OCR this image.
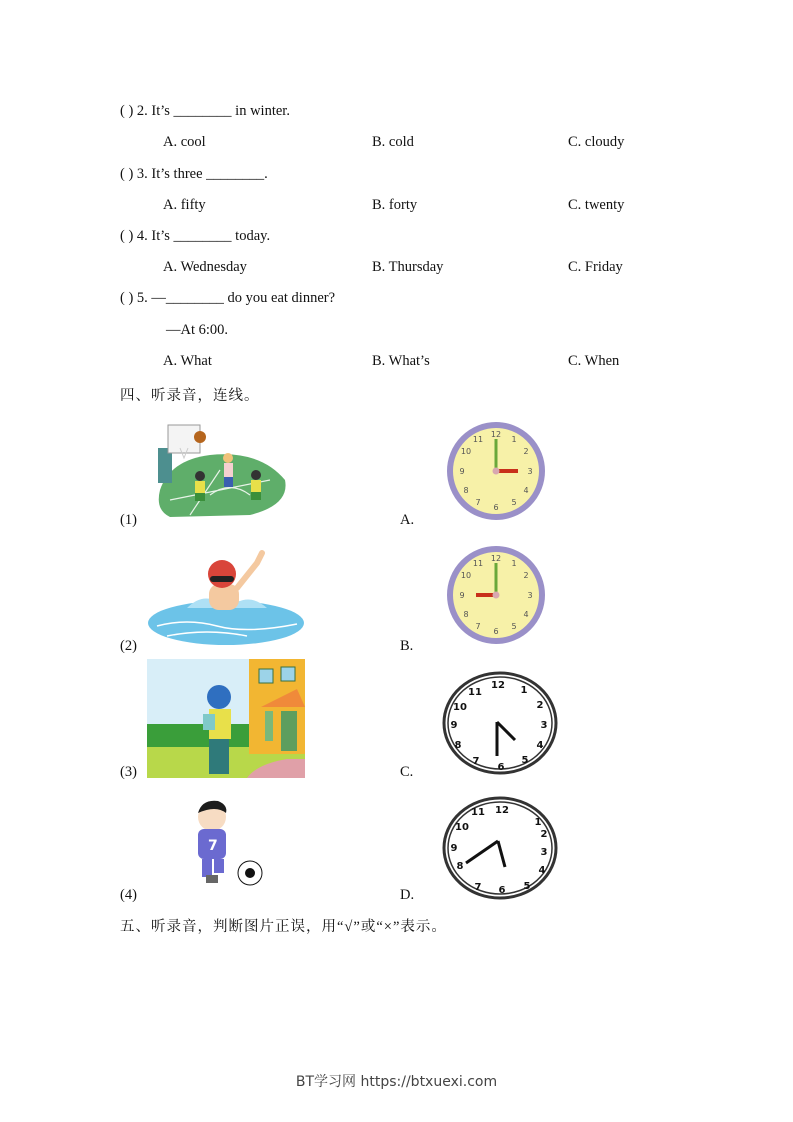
( ) 2. It’s ________ in winter.
A. cool	B. cold	C. cloudy
( ) 3. It’s three ________.
A. fifty	B. forty	C. twenty
( ) 4. It’s ________ today.
A. Wednesday	B. Thursday	C. Friday
( ) 5. —________ do you eat dinner?
—At 6:00.
A. What	B. What’s	C. When
四、听录音，连线。
(1)
(2)
(3)
7
(4)
A.
12
1
2
3
4
5
6
7
8
9
10
11
B.
12
1
2
3
4
5
6
7
8
9
10
11
C.
12 1
2
3
4
5
6
7
8
9
10
11
D.
12
1
2
3
4
5
6
7
8
9
10
11
五、听录音，判断图片正误，用“√”或“×”表示。
BT学习网 https://btxuexi.com
